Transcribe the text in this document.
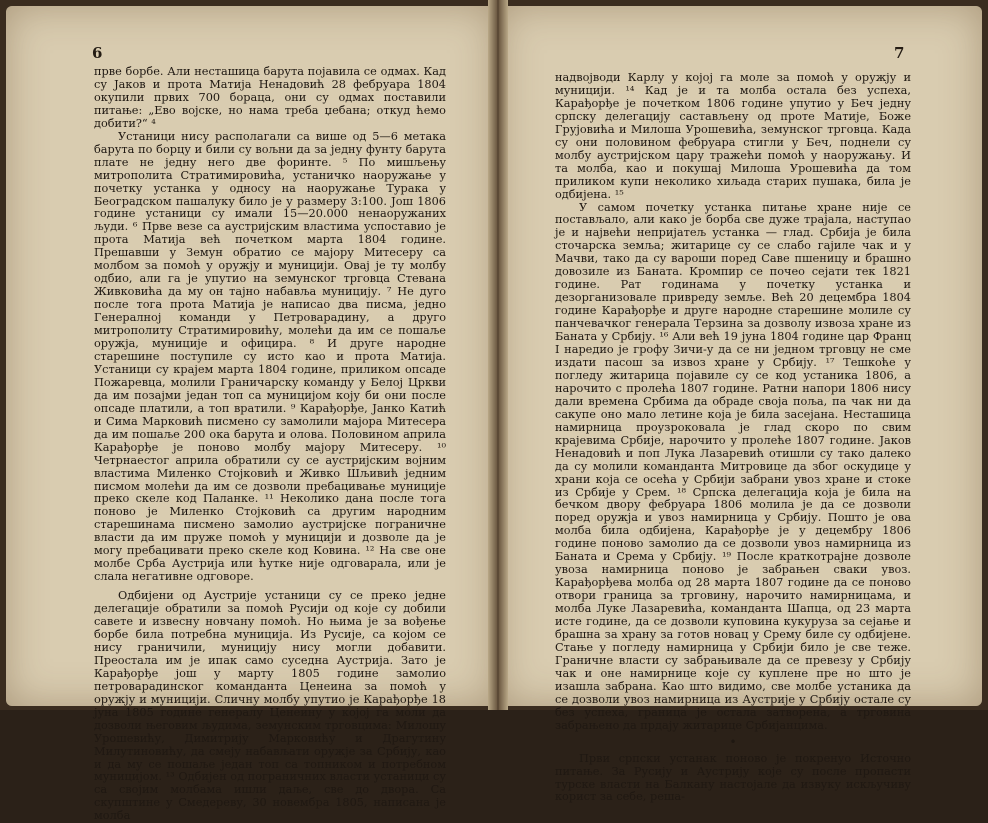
6

прве борбе. Али несташица барута појавила се одмах. Кад су Јаков и прота Матија Ненадовић 28 фебруара 1804 окупили првих 700 бораца, они су одмах поставили питање: „Ево војске, но нама треба џебана; откуд ћемо добити?“ ⁴

Устаници нису располагали са више од 5—6 метака барута по борцу и били су вољни да за једну фунту барута плате не једну него две форинте. ⁵ По мишљењу митрополита Стратимировића, устаничко наоружање у почетку устанка у односу на наоружање Турака у Београдском пашалуку било је у размеру 3:100. Још 1806 године устаници су имали 15—20.000 ненаоружаних људи. ⁶ Прве везе са аустријским властима успоставио је прота Матија већ почетком марта 1804 године. Прешавши у Земун обратио се мајору Митесеру са молбом за помоћ у оружју и муницији. Овај је ту молбу одбио, али га је упутио на земунског трговца Стевана Живковића да му он тајно набавља муницију. ⁷ Не дуго после тога прота Матија је написао два писма, једно Генералној команди у Петроварадину, а друго митрополиту Стратимировићу, молећи да им се пошаље оружја, муниције и официра. ⁸ И друге народне старешине поступиле су исто као и прота Матија. Устаници су крајем марта 1804 године, приликом опсаде Пожаревца, молили Граничарску команду у Белој Цркви да им позајми један топ са муницијом коју би они после опсаде платили, а топ вратили. ⁹ Карађорђе, Јанко Катић и Сима Марковић писмено су замолили мајора Митесера да им пошаље 200 ока барута и олова. Половином априла Карађорђе је поново молбу мајору Митесеру. ¹⁰ Четрнаестог априла обратили су се аустријским војним властима Миленко Стојковић и Живко Шљивић једним писмом молећи да им се дозволи пребацивање муниције преко скеле код Паланке. ¹¹ Неколико дана после тога поново је Миленко Стојковић са другим народним старешинама писмено замолио аустријске пограничне власти да им пруже помоћ у муницији и дозволе да је могу пребацивати преко скеле код Ковина. ¹² На све оне молбе Срба Аустрија или ћутке није одговарала, или је слала негативне одговоре.

Одбијени од Аустрије устаници су се преко једне делегације обратили за помоћ Русији од које су добили савете и извесну новчану помоћ. Но њима је за вођење борбе била потребна муниција. Из Русије, са којом се нису граничили, муницију нису могли добавити. Преостала им је ипак само суседна Аустрија. Зато је Карађорђе још у марту 1805 године замолио петроварадинског команданта Ценеина за помоћ у оружју и муницији. Сличну молбу упутио је Карађорђе 18 јуна 1805 године генералу Ценеину у којој га моли да дозволи његовим људима, земунским трговцима: Милошу Урошевићу, Димитрију Марковићу и Драгутину Милутиновићу, да смеју набављати оружје за Србију, као и да му се пошаље један топ са топником и потребном муницијом. ¹³ Одбијен од пограничних власти устаници су са својим молбама ишли даље, све до двора. Са скупштине у Смедереву, 30 новембра 1805, написана је молба

7

надвојводи Карлу у којој га моле за помоћ у оружју и муницији. ¹⁴ Кад је и та молба остала без успеха, Карађорђе је почетком 1806 године упутио у Беч једну српску делегацију састављену од проте Матије, Боже Грујовића и Милоша Урошевића, земунског трговца. Када су они половином фебруара стигли у Беч, поднели су молбу аустријском цару тражећи помоћ у наоружању. И та молба, као и покушај Милоша Урошевића да том приликом купи неколико хиљада старих пушака, била је одбијена. ¹⁵

У самом почетку устанка питање хране није се постављало, али како је борба све дуже трајала, наступао је и највећи непријатељ устанка — глад. Србија је била сточарска земља; житарице су се слабо гајиле чак и у Мачви, тако да су вароши поред Саве пшеницу и брашно довозиле из Баната. Кромпир се почео сејати тек 1821 године. Рат годинама у почетку устанка и дезорганизовале привреду земље. Већ 20 децембра 1804 године Карађорђе и друге народне старешине молиле су панчевачког генерала Терзина за дозволу извоза хране из Баната у Србију. ¹⁶ Али већ 19 јуна 1804 године цар Франц I наредио је грофу Зичи-у да се ни једном трговцу не сме издати пасош за извоз хране у Србију. ¹⁷ Тешкоће у погледу житарица појавиле су се код устаника 1806, а нарочито с пролећа 1807 године. Ратни напори 1806 нису дали времена Србима да обраде своја поља, па чак ни да сакупе оно мало летине која је била засејана. Несташица намирница проузроковала је глад скоро по свим крајевима Србије, нарочито у пролеће 1807 године. Јаков Ненадовић и поп Лука Лазаревић отишли су тако далеко да су молили команданта Митровице да због оскудице у храни која се осећа у Србији забрани увоз хране и стоке из Србије у Срем. ¹⁸ Српска делегација која је била на бечком двору фебруара 1806 молила је да се дозволи поред оружја и увоз намирница у Србију. Пошто је ова молба била одбијена, Карађорђе је у децембру 1806 године поново замолио да се дозволи увоз намирница из Баната и Срема у Србију. ¹⁹ После краткотрајне дозволе увоза намирница поново је забрањен сваки увоз. Карађорђева молба од 28 марта 1807 године да се поново отвори граница за трговину, нарочито намирницама, и молба Луке Лазаревића, команданта Шапца, од 23 марта исте године, да се дозволи куповина кукуруза за сејање и брашна за храну за готов новац у Срему биле су одбијене. Стање у погледу намирница у Србији било је све теже. Граничне власти су забрањивале да се превезу у Србију чак и оне намирнице које су куплене пре но што је изашла забрана. Као што видимо, све молбе устаника да се дозволи увоз намирница из Аустрије у Србију остале су без успеха, граница је остала затворена, а трговина забрањено да прдају житарице Србијанцима.

•

Први српски устанак поново је покренуо Источно питање. За Русију и Аустрију које су после пропасти турске власти на Балкану настојале да извуку искључиву корист за себе, реша-
